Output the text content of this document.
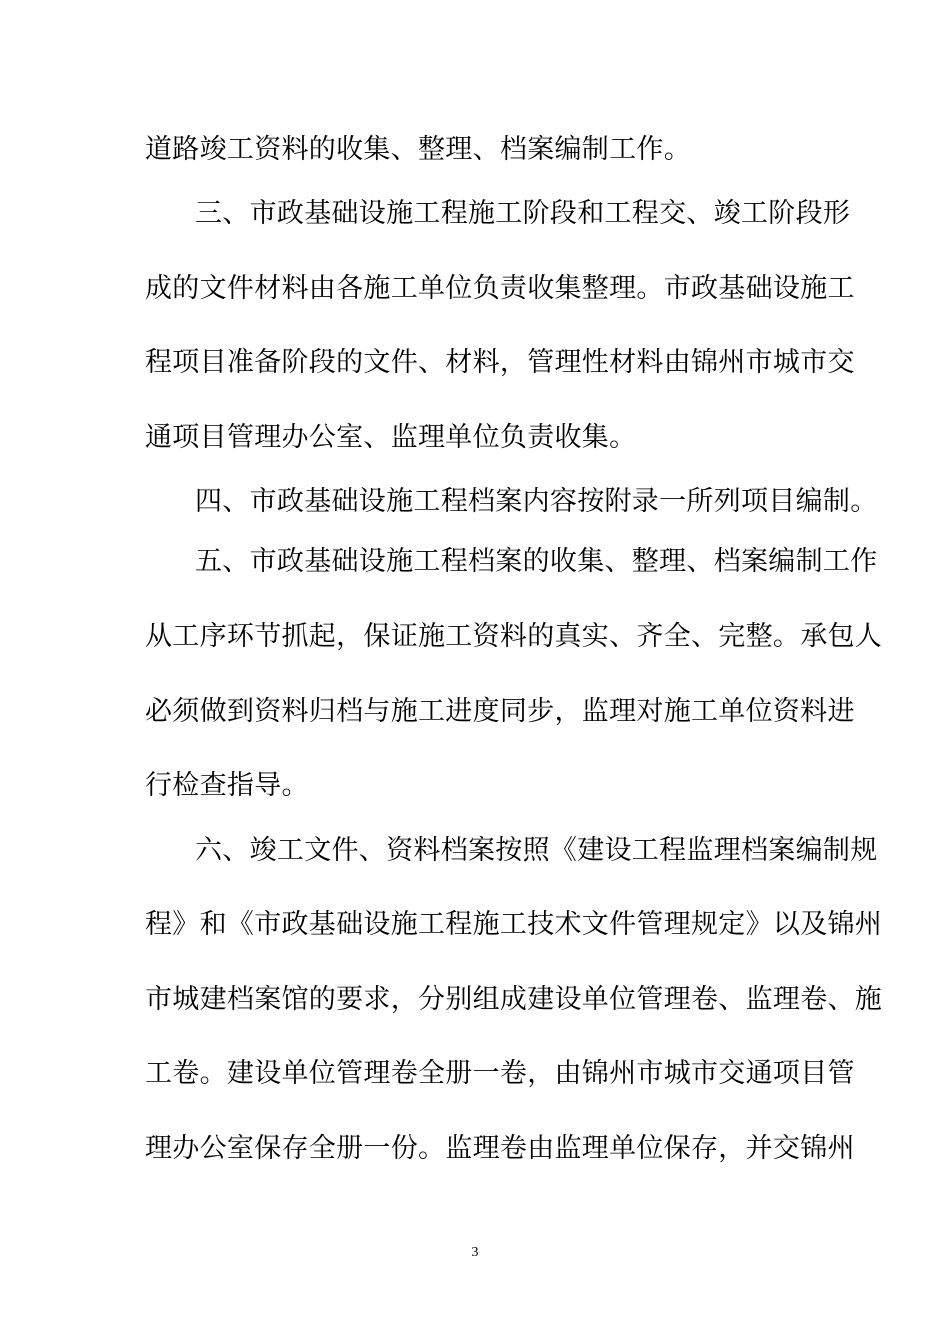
道路竣工资料的收集、整理、档案编制工作。
三、市政基础设施工程施工阶段和工程交、竣工阶段形
成的文件材料由各施工单位负责收集整理。市政基础设施工
程项目准备阶段的文件、材料，管理性材料由锦州市城市交
通项目管理办公室、监理单位负责收集。
四、市政基础设施工程档案内容按附录一所列项目编制。
五、市政基础设施工程档案的收集、整理、档案编制工作
从工序环节抓起，保证施工资料的真实、齐全、完整。承包人
必须做到资料归档与施工进度同步，监理对施工单位资料进
行检查指导。
六、竣工文件、资料档案按照《建设工程监理档案编制规
程》和《市政基础设施工程施工技术文件管理规定》以及锦州
市城建档案馆的要求，分别组成建设单位管理卷、监理卷、施
工卷。建设单位管理卷全册一卷，由锦州市城市交通项目管
理办公室保存全册一份。监理卷由监理单位保存，并交锦州
3
